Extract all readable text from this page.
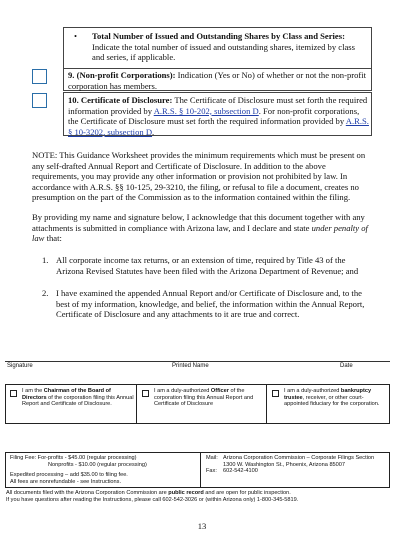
• Total Number of Issued and Outstanding Shares by Class and Series:
Indicate the total number of issued and outstanding shares, itemized by class and series, if applicable.
9. (Non-profit Corporations): Indication (Yes or No) of whether or not the non-profit corporation has members.
10. Certificate of Disclosure: The Certificate of Disclosure must set forth the required information provided by A.R.S. § 10-202, subsection D. For non-profit corporations, the Certificate of Disclosure must set forth the required information provided by A.R.S. § 10-3202, subsection D.
NOTE: This Guidance Worksheet provides the minimum requirements which must be present on any self-drafted Annual Report and Certificate of Disclosure. In addition to the above requirements, you may provide any other information or provision not prohibited by law. In accordance with A.R.S. §§ 10-125, 29-3210, the filing, or refusal to file a document, creates no presumption on the part of the Commission as to the information contained within the filing.
By providing my name and signature below, I acknowledge that this document together with any attachments is submitted in compliance with Arizona law, and I declare and state under penalty of law that:
1. All corporate income tax returns, or an extension of time, required by Title 43 of the Arizona Revised Statutes have been filed with the Arizona Department of Revenue; and
2. I have examined the appended Annual Report and/or Certificate of Disclosure and, to the best of my information, knowledge, and belief, the information within the Annual Report, Certificate of Disclosure and any attachments to it are true and correct.
Signature	Printed Name	Date
I am the Chairman of the Board of Directors of the corporation filing this Annual Report and Certificate of Disclosure.
I am a duly-authorized Officer of the corporation filing this Annual Report and Certificate of Disclosure
I am a duly-authorized bankruptcy trustee, receiver, or other court-appointed fiduciary for the corporation.
Filing Fee: For-profits - $45.00 (regular processing)
Nonprofits - $10.00 (regular processing)
Expedited processing – add $35.00 to filing fee.
All fees are nonrefundable - see Instructions.
Mail: Arizona Corporation Commission – Corporate Filings Section
1300 W. Washington St., Phoenix, Arizona 85007
Fax: 602-542-4100
All documents filed with the Arizona Corporation Commission are public record and are open for public inspection.
If you have questions after reading the Instructions, please call 602-542-3026 or (within Arizona only) 1-800-345-5819.
13
